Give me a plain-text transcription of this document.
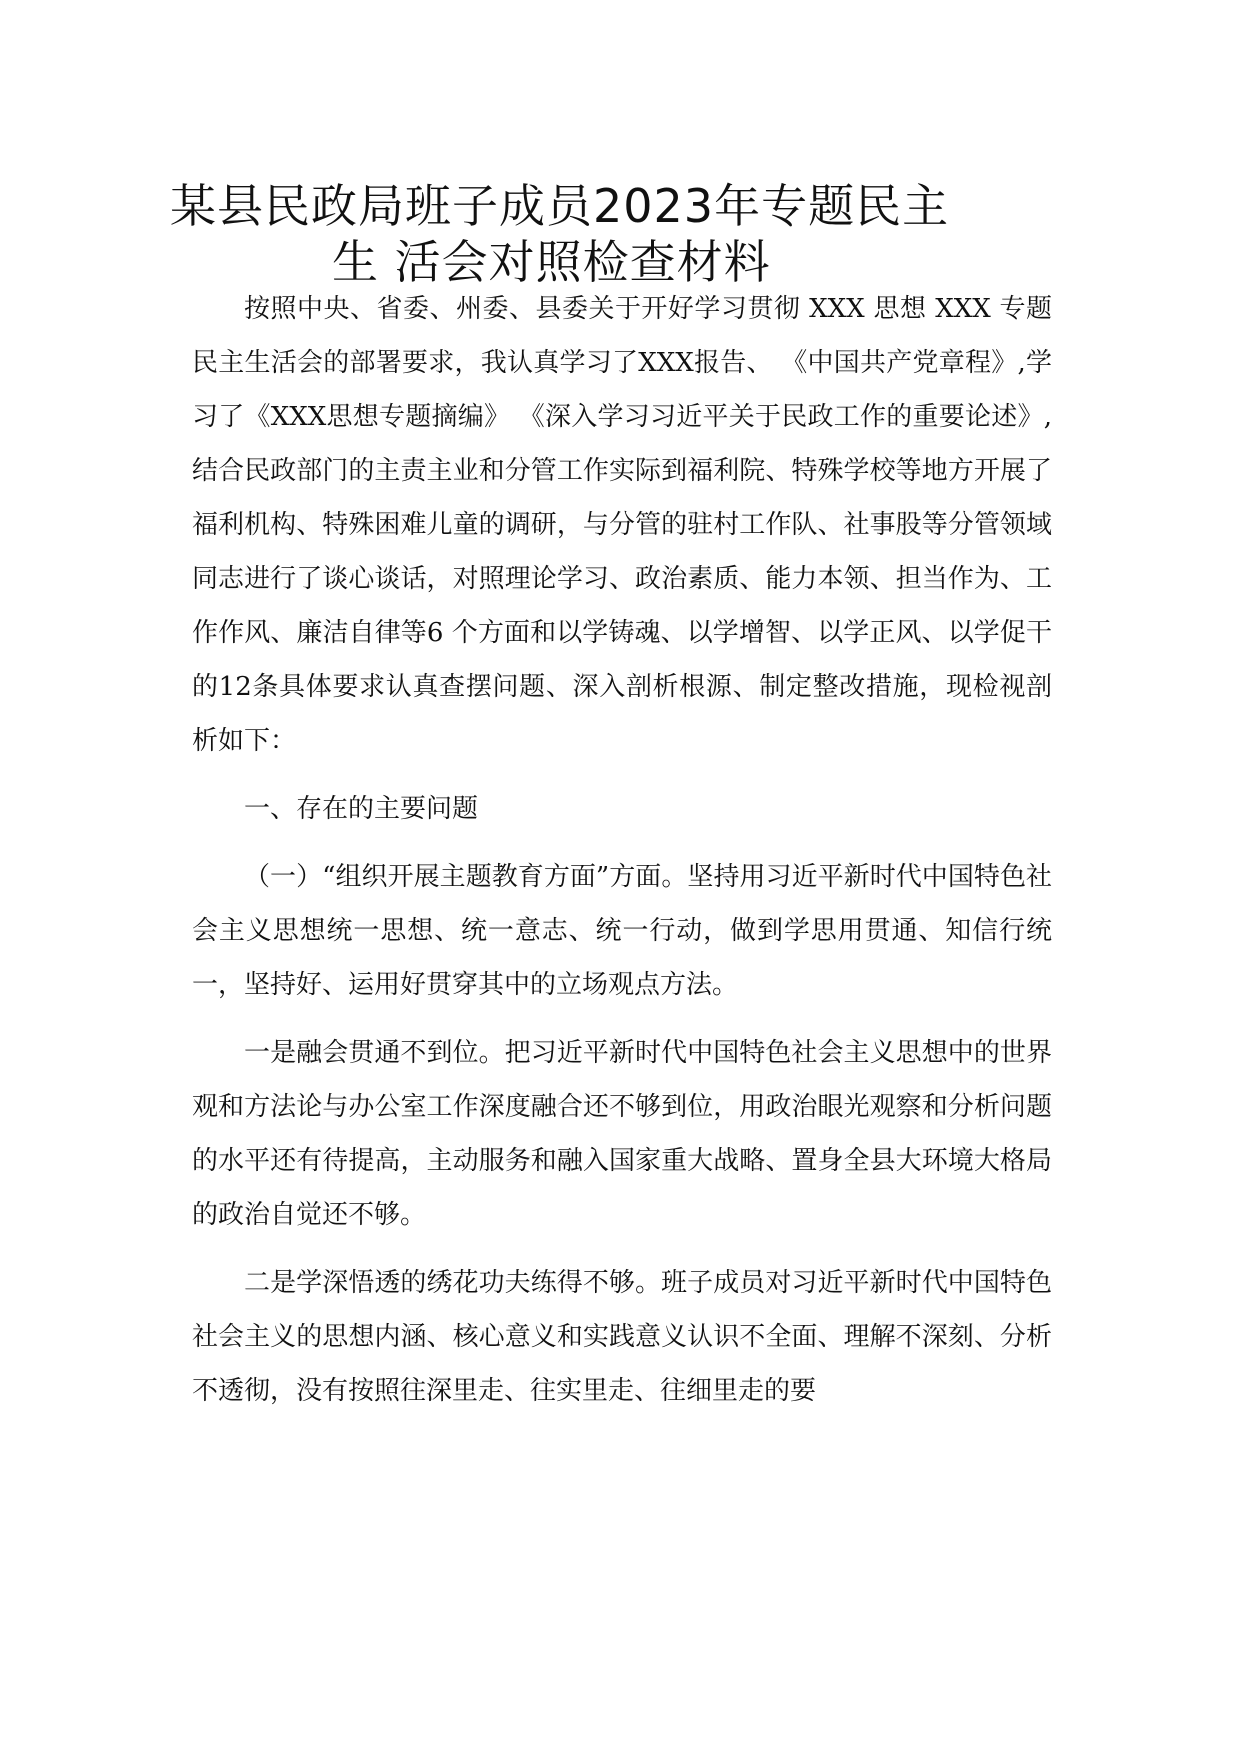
某县民政局班子成员2023年专题民主
生 活会对照检查材料

按照中央、省委、州委、县委关于开好学习贯彻 XXX 思想 XXX 专题民主生活会的部署要求，我认真学习了XXX报告、 《中国共产党章程》,学习了《XXX思想专题摘编》 《深入学习习近平关于民政工作的重要论述》,结合民政部门的主责主业和分管工作实际到福利院、特殊学校等地方开展了福利机构、特殊困难儿童的调研，与分管的驻村工作队、社事股等分管领域同志进行了谈心谈话，对照理论学习、政治素质、能力本领、担当作为、工作作风、廉洁自律等6 个方面和以学铸魂、以学增智、以学正风、以学促干的12条具体要求认真查摆问题、深入剖析根源、制定整改措施，现检视剖析如下：

一、存在的主要问题

（一）“组织开展主题教育方面”方面。坚持用习近平新时代中国特色社会主义思想统一思想、统一意志、统一行动，做到学思用贯通、知信行统一，坚持好、运用好贯穿其中的立场观点方法。

一是融会贯通不到位。把习近平新时代中国特色社会主义思想中的世界观和方法论与办公室工作深度融合还不够到位，用政治眼光观察和分析问题的水平还有待提高，主动服务和融入国家重大战略、置身全县大环境大格局的政治自觉还不够。

二是学深悟透的绣花功夫练得不够。班子成员对习近平新时代中国特色社会主义的思想内涵、核心意义和实践意义认识不全面、理解不深刻、分析不透彻，没有按照往深里走、往实里走、往细里走的要
